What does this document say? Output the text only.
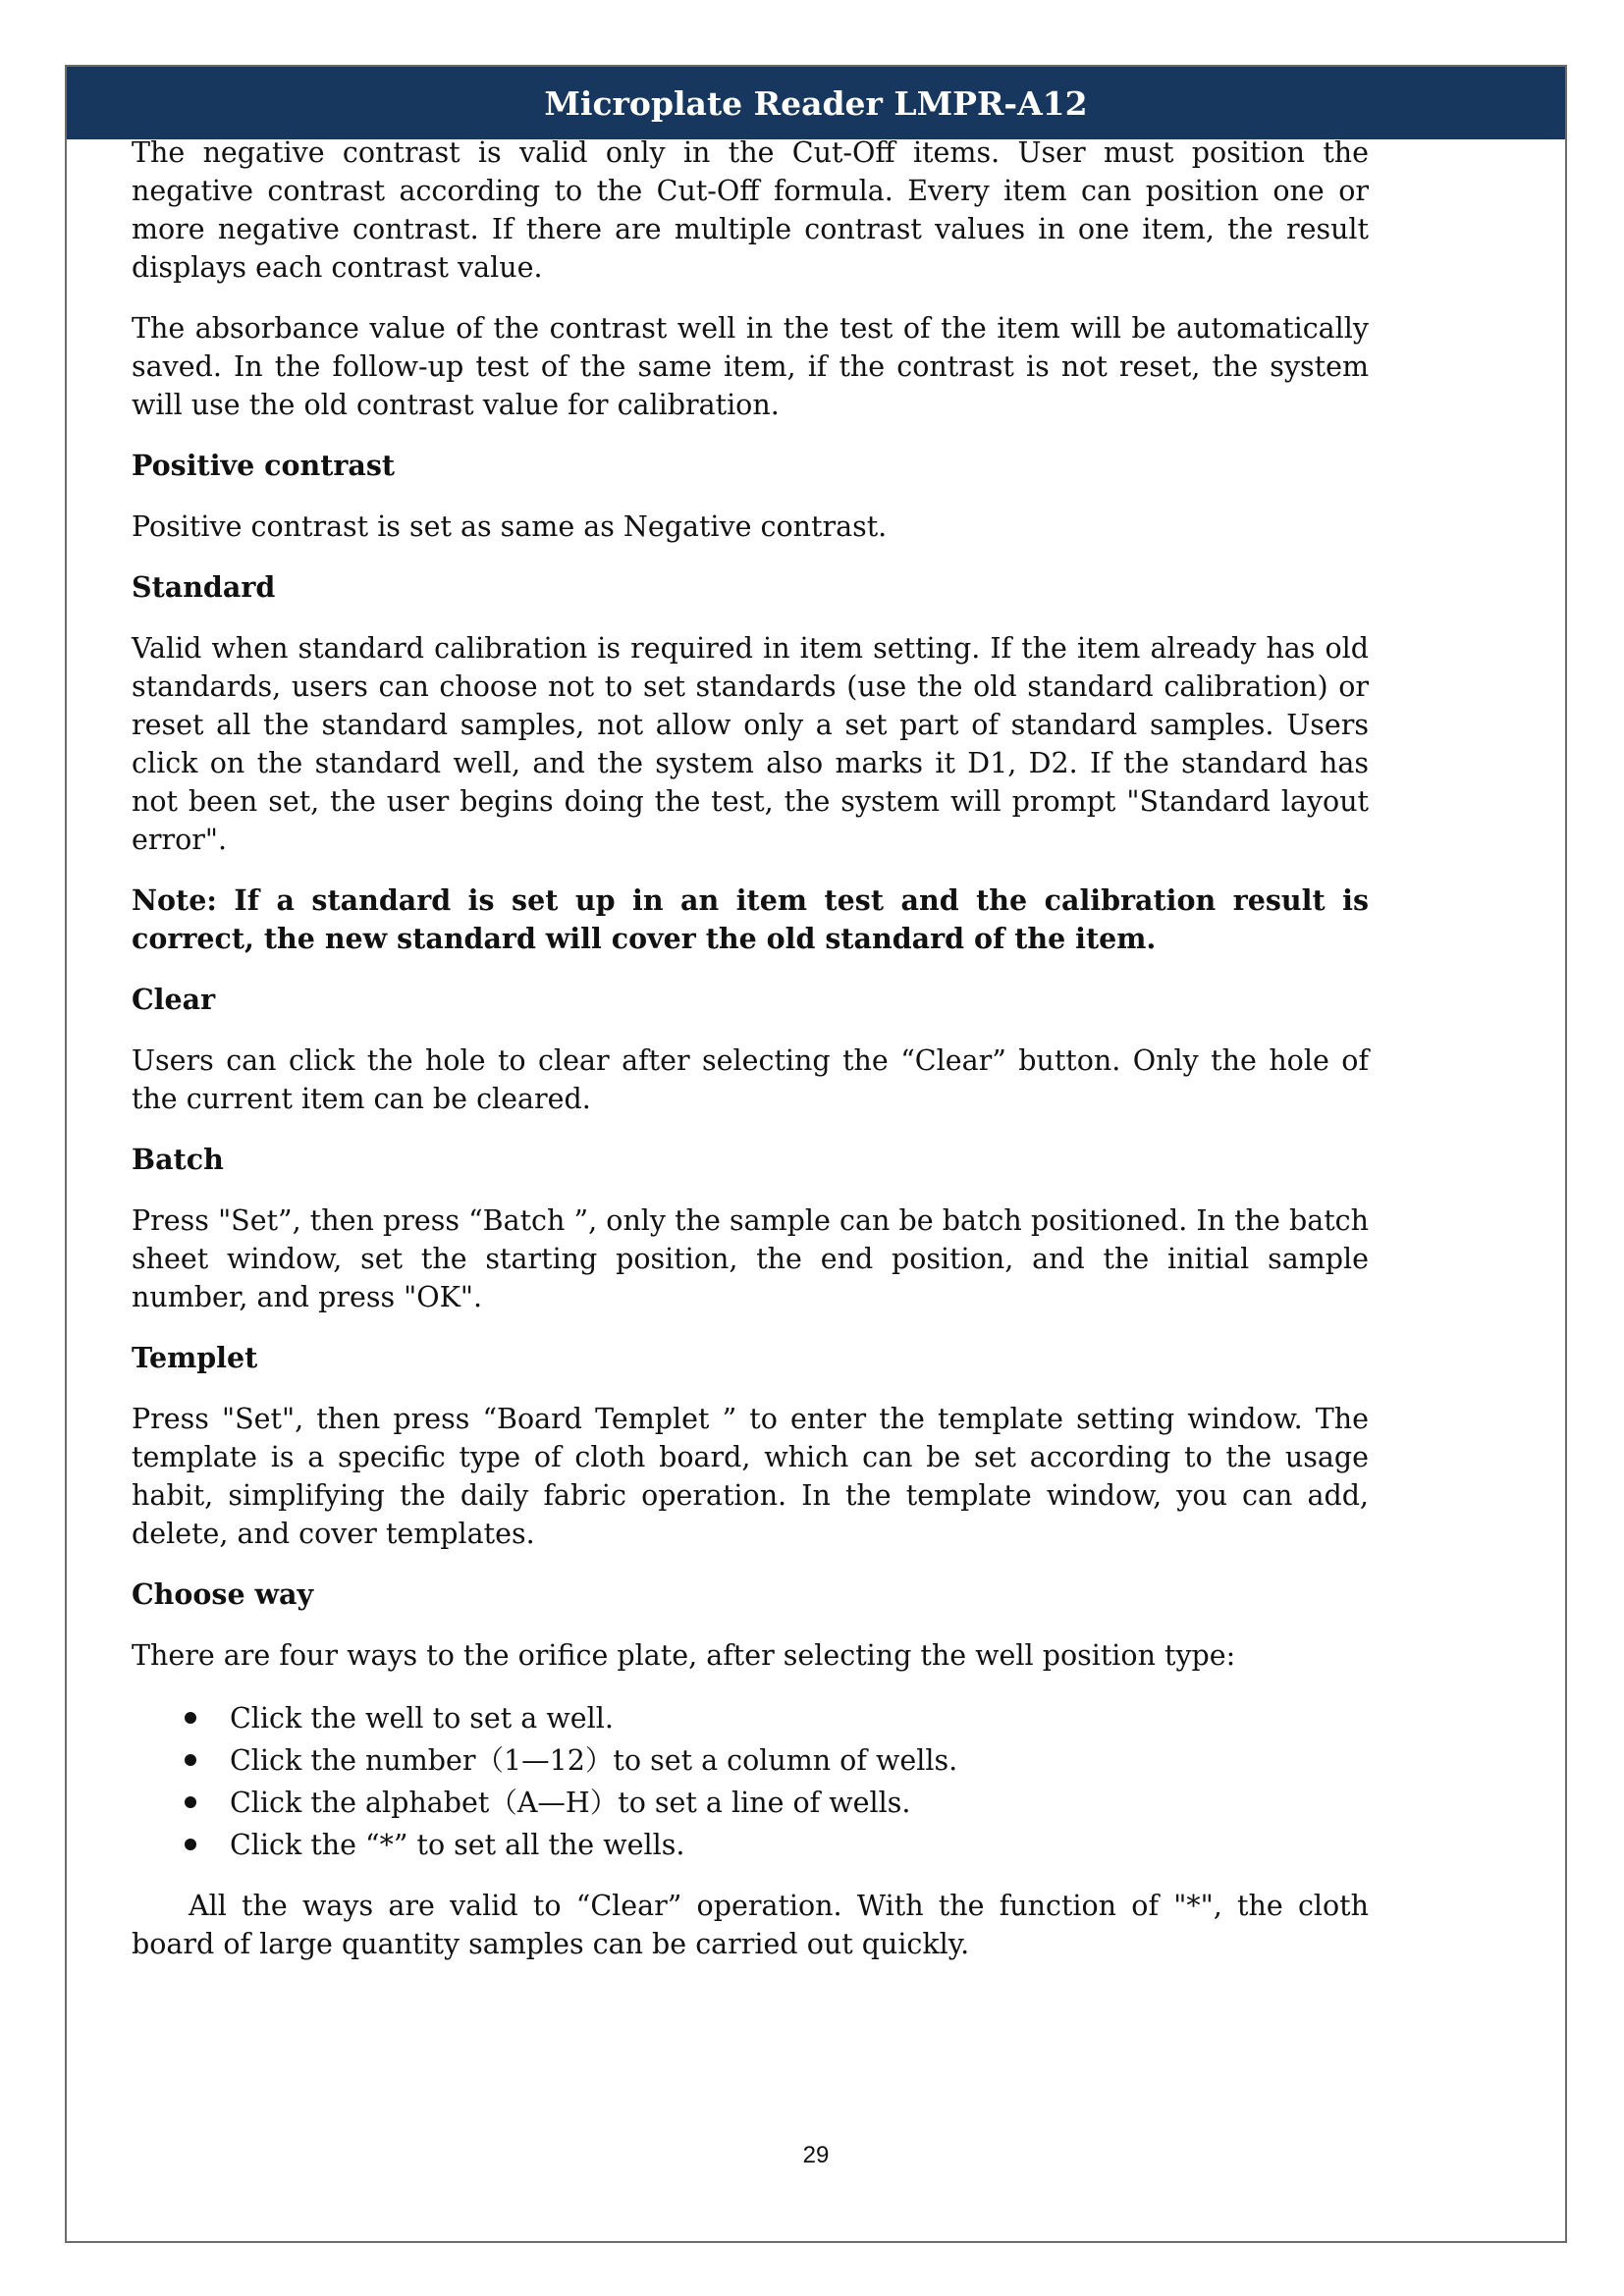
Microplate Reader LMPR-A12
29

The negative contrast is valid only in the Cut-Off items. User must position the negative contrast according to the Cut-Off formula. Every item can position one or more negative contrast. If there are multiple contrast values in one item, the result displays each contrast value.

The absorbance value of the contrast well in the test of the item will be automatically saved. In the follow-up test of the same item, if the contrast is not reset, the system will use the old contrast value for calibration.

Positive contrast

Positive contrast is set as same as Negative contrast.

Standard

Valid when standard calibration is required in item setting. If the item already has old standards, users can choose not to set standards (use the old standard calibration) or reset all the standard samples, not allow only a set part of standard samples. Users click on the standard well, and the system also marks it D1, D2. If the standard has not been set, the user begins doing the test, the system will prompt "Standard layout error".

Note: If a standard is set up in an item test and the calibration result is correct, the new standard will cover the old standard of the item.

Clear

Users can click the hole to clear after selecting the “Clear” button. Only the hole of the current item can be cleared.

Batch

Press "Set”, then press “Batch ”, only the sample can be batch positioned. In the batch sheet window, set the starting position, the end position, and the initial sample number, and press "OK".

Templet

Press "Set", then press “Board Templet ” to enter the template setting window. The template is a specific type of cloth board, which can be set according to the usage habit, simplifying the daily fabric operation. In the template window, you can add, delete, and cover templates.

Choose way

There are four ways to the orifice plate, after selecting the well position type:

Click the well to set a well.
Click the number（1—12）to set a column of wells.
Click the alphabet（A—H）to set a line of wells.
Click the “*” to set all the wells.

All the ways are valid to “Clear” operation. With the function of "*", the cloth board of large quantity samples can be carried out quickly.
